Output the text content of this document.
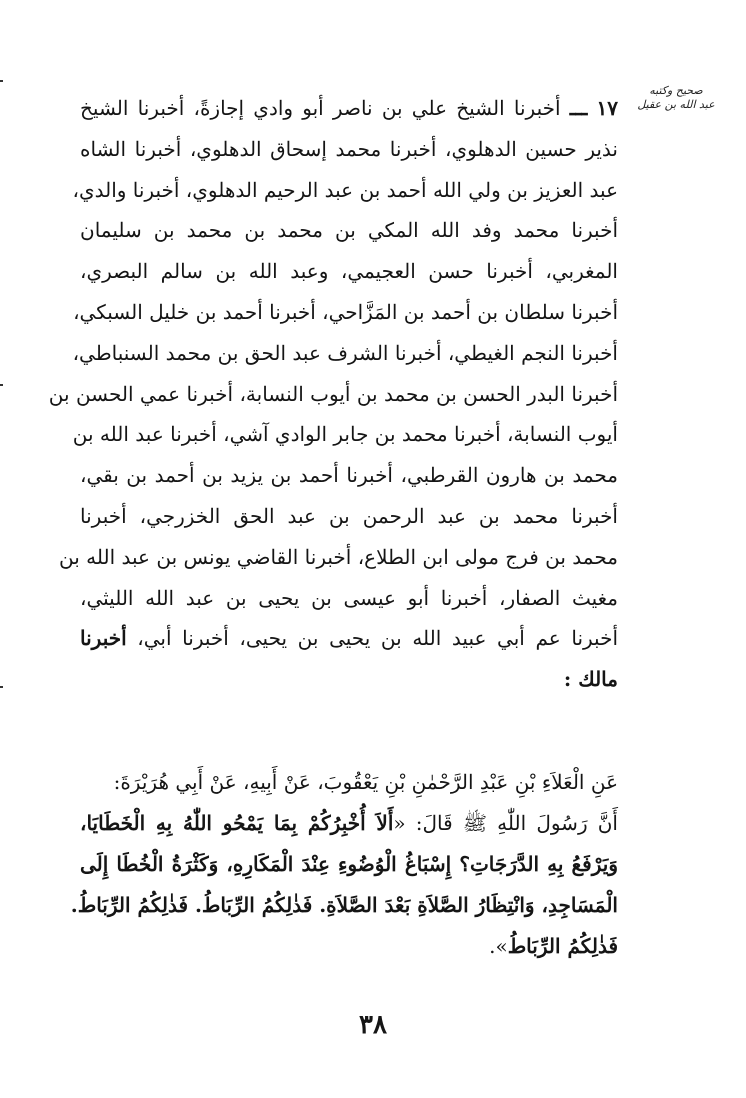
صحيح وكتبه
عبد الله بن عقيل
١٧ ـــ أخبرنا الشيخ علي بن ناصر أبو وادي إجازةً، أخبرنا الشيخ
نذير حسين الدهلوي، أخبرنا محمد إسحاق الدهلوي، أخبرنا الشاه
عبد العزيز بن ولي الله أحمد بن عبد الرحيم الدهلوي، أخبرنا والدي،
أخبرنا محمد وفد الله المكي بن محمد بن محمد بن سليمان
المغربي، أخبرنا حسن العجيمي، وعبد الله بن سالم البصري،
أخبرنا سلطان بن أحمد بن المَزَّاحي، أخبرنا أحمد بن خليل السبكي،
أخبرنا النجم الغيطي، أخبرنا الشرف عبد الحق بن محمد السنباطي،
أخبرنا البدر الحسن بن محمد بن أيوب النسابة، أخبرنا عمي الحسن بن
أيوب النسابة، أخبرنا محمد بن جابر الوادي آشي، أخبرنا عبد الله بن
محمد بن هارون القرطبي، أخبرنا أحمد بن يزيد بن أحمد بن بقي،
أخبرنا محمد بن عبد الرحمن بن عبد الحق الخزرجي، أخبرنا
محمد بن فرج مولى ابن الطلاع، أخبرنا القاضي يونس بن عبد الله بن
مغيث الصفار، أخبرنا أبو عيسى بن يحيى بن عبد الله الليثي،
أخبرنا عم أبي عبيد الله بن يحيى بن يحيى، أخبرنا أبي، أخبرنا
مالك :
عَنِ الْعَلاَءِ بْنِ عَبْدِ الرَّحْمٰنِ بْنِ يَعْقُوبَ، عَنْ أَبِيهِ، عَنْ أَبِي هُرَيْرَةَ:
أَنَّ رَسُولَ اللّٰهِ ﷺ قَالَ: «أَلاَ أُخْبِرُكُمْ بِمَا يَمْحُو اللّٰهُ بِهِ الْخَطَايَا،
وَيَرْفَعُ بِهِ الدَّرَجَاتِ؟ إِسْبَاغُ الْوُضُوءِ عِنْدَ الْمَكَارِهِ، وَكَثْرَةُ الْخُطَا إِلَى
الْمَسَاجِدِ، وَانْتِظَارُ الصَّلاَةِ بَعْدَ الصَّلاَةِ. فَذٰلِكُمُ الرِّبَاطُ. فَذٰلِكُمُ الرِّبَاطُ.
فَذٰلِكُمُ الرِّبَاطُ».
٣٨
